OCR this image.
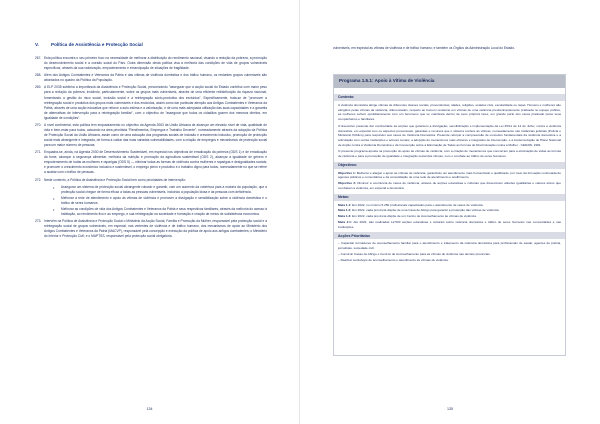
V.	Política de Assistência e Protecção Social
267. Esta política encontra o seu primeiro foco na necessidade de melhorar a distribuição do rendimento nacional, visando a redução da pobreza, a promoção do desenvolvimento social e a coesão social do País. Outra dimensão desta política visa a melhoria das condições de vida de grupos vulneráveis específicos, através da sua valorização, empoderamento e emancipação de situações de fragilidade.
268. Além dos Antigos Combatentes e Veteranos da Pátria e das vítimas de violência doméstica e dos tráfico humano, os restantes grupos vulneráveis são abordados no quadro da Política da População.
269. A ELP 2035 sublinha a importância da Assistência e Protecção Social, preconizando "assegurar que a acção social do Estado contribui com maior peso para a redução da pobreza, incidindo, particularmente, sobre os grupos mais vulneráveis, através de uma eficiente redistribuição da riqueza nacional, fomentando a gestão do risco social, inclusão social e a reintegração sócio-produtiva dos excluídos". Especificamente, trata-se de "promover a reintegração social e produtiva dos grupos mais vulneráveis e dos excluídos, assim como dar particular atenção aos Antigos Combatentes e Veteranos da Pátria, através de uma acção educativa que reforce a auto-estima e a valorização, e de uma mais adequada utilização das suas capacidades e a garantia de alternativas de intervenção para a reintegração familiar", com o objectivo de "assegurar que todos os cidadãos gozem dos mesmos direitos, em igualdade de condições".
270. A nível continental, esta política tem enquadramento no objectivo da Agenda 2063 da União Africana de alcançar um elevado nível de vida, qualidade de vida e bem-estar para todos, actuando na área prioritária "Rendimentos, Empregos e Trabalho Decente", nomeadamente através da adopção da Política de Protecção Social da União Africana, assim como de uma actuação dos programas sociais de inclusão e crescimento inclusivo, promoção de protecção social mais abrangente e integrada, de forma a cuidar das mais variadas vulnerabilidades, com a criação de empregos e mecanismos de protecção social para um maior número de pessoas.
271. Enquadra-se, ainda, na Agenda 2030 de Desenvolvimento Sustentável, em especial nos objectivos de erradicação da pobreza (ODS 1) e de erradicação da fome, alcançar a segurança alimentar, melhoria da nutrição e promoção da agricultura sustentável (ODS 2), alcançar a igualdade de género e empoderamento de todas as mulheres e raparigas (ODS 5) — eliminar todas as formas de violência contra mulheres e raparigas e desigualdades sociais; e promover o crescimento económico inclusivo e sustentável, o emprego pleno e produtivo e o trabalho digno para todos, nomeadamente no que se refere a acabar com o tráfico de pessoas.
272. Neste contexto, a Política de Assistência e Protecção Social tem como prioridades de intervenção:
•	Assegurar um sistema de protecção social abrangente robusto e garantir, com um aumento da cobertura para a maioria da população, que a protecção social chegue de forma eficaz a todas as pessoas vulneráveis, incluindo a população idosa e às pessoas com deficiência.
•	Melhorar a rede de atendimento e apoio às vítimas de violência e promover a divulgação e sensibilização sobre a violência doméstica e o tráfico de seres humanos.
•	Melhorar as condições de vida dos Antigos Combatentes e Veteranos da Pátria e seus respectivos familiares, através da melhoria do acesso à habitação, ao rendimento fixo e ao emprego, e sua reintegração na sociedade e formação e criação de meios de subsistência económica.
273. Intervêm na Política de Assistência e Protecção Social o Ministério da Acção Social, Família e Promoção da Mulher, responsável pela protecção social e a reintegração social de grupos vulneráveis, em especial, nas vertentes de violência e de tráfico humano, dos mecanismos de apoio ao Ministério dos Antigos Combatentes e Veteranos da Pátria (MACVP), responsável pela concepção e execução da política de apoio aos antigos combatentes; o Ministério do Interior e Protecção Civil; e o MAPTSS, responsável pela protecção social obrigatória.
134
vulneráveis, em especial as vítimas de violência e de tráfico humano; e também os Órgãos da Administração Local do Estado.
Programa 1.5.1: Apoio à Vítima de Violência
Contexto:

A violência doméstica atinge vítimas de diferentes classes sociais, proveniências, idades, religiões, estados civis, escolaridade ou raças. Homens e mulheres são atingidos pelas vítimas da violência, diferenciados, respeito ao homem residente em vítimas de uma violência predominantemente praticada no espaço público, as mulheres sofrem quotidianamente com um fenómeno que se manifesta dentro de seus próprios lares, em grande parte dos casos praticado pelos seus companheiros e familiares.

O Executivo pretende dar continuidade às acções que garantem a divulgação, sensibilização e implementação da Lei 25/11 de 14 de Julho, contra a violência doméstica, em especial com os aspectos processuais, garantias e recursos que o sistema confere às vítimas, nomeadamente nas instâncias judiciais (Polícia e Ministério Público) para responder aos casos de Violência Doméstica. Pretende reforçar a compreensão de conceitos fundamentais da violência doméstica e a articulação com outras instituições e actores sociais, a adopção de mecanismos mais eficazes e integrados de intervenção, e a implementação do Plano Nacional de Acção contra a Violência Doméstica e da Convenção sobre a Eliminação de Todas as Formas de Discriminação contra a Mulher - CEDAW, 1981.

O presente programa aposta na promoção do apoio às vítimas de violência, com a criação de mecanismos que concorram para a eliminação de todas as formas de violência e para a promoção de igualdade e integração social das vítimas, com o combate ao tráfico de seres humanos.

Objectivos:
Objectivo 1: Melhorar e alargar o apoio às vítimas de violência, garantindo um atendimento mais humanizado e qualificado, por meio da formação continuada de agentes públicos e comunitários e da consolidação de uma rede de atendimento e acolhimento.
Objectivo 2: Diminuir a ocorrência de casos de violência, através de acções educativas e culturais que disseminem atitudes igualitárias e valores éticos que combatam a violência, em especial a doméstica.
Metas:
Meta 1.1: Em 2022, no mínimo 5.250 profissionais capacitados para o atendimento de casos de violência.
Meta 1.2: Em 2022, cada província dispõe de uma Casa de Abrigo para garantir a protecção das vítimas de violência.
Meta 1.3: Em 2022, cada província dispõe de um Centro de Aconselhamento às vítimas de violência.
Meta 2.1: Até 2022, são realizadas 12.500 acções educativas e culturais sobre violência doméstica e tráfico de seres humanos nas comunidades e nas instituições.
Acções Prioritárias
– Capacitar formadores de aconselhamento familiar para o atendimento e tratamento da violência doméstica para profissionais de saúde, agentes de polícia, jornalistas, sociedade civil.
– Construir Casas de Abrigo e Centros de Aconselhamento para as vítimas de violência nas dezoito províncias.
– Realizar workshops de aconselhamento e atendimento às vítimas de violência.
135
